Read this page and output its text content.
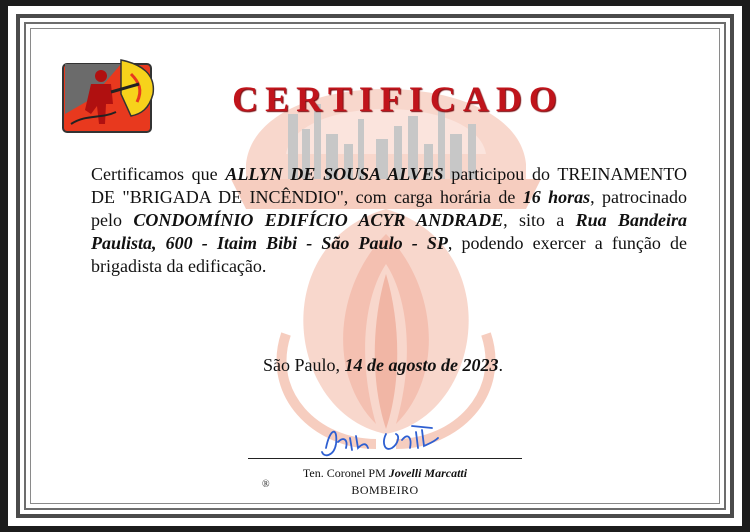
CERTIFICADO
Certificamos que ALLYN DE SOUSA ALVES participou do TREINAMENTO DE "BRIGADA DE INCÊNDIO", com carga horária de 16 horas, patrocinado pelo CONDOMÍNIO EDIFÍCIO ACYR ANDRADE, sito a Rua Bandeira Paulista, 600 - Itaim Bibi - São Paulo - SP, podendo exercer a função de brigadista da edificação.
São Paulo, 14 de agosto de 2023.
Ten. Coronel PM Jovelli Marcatti
®	BOMBEIRO
